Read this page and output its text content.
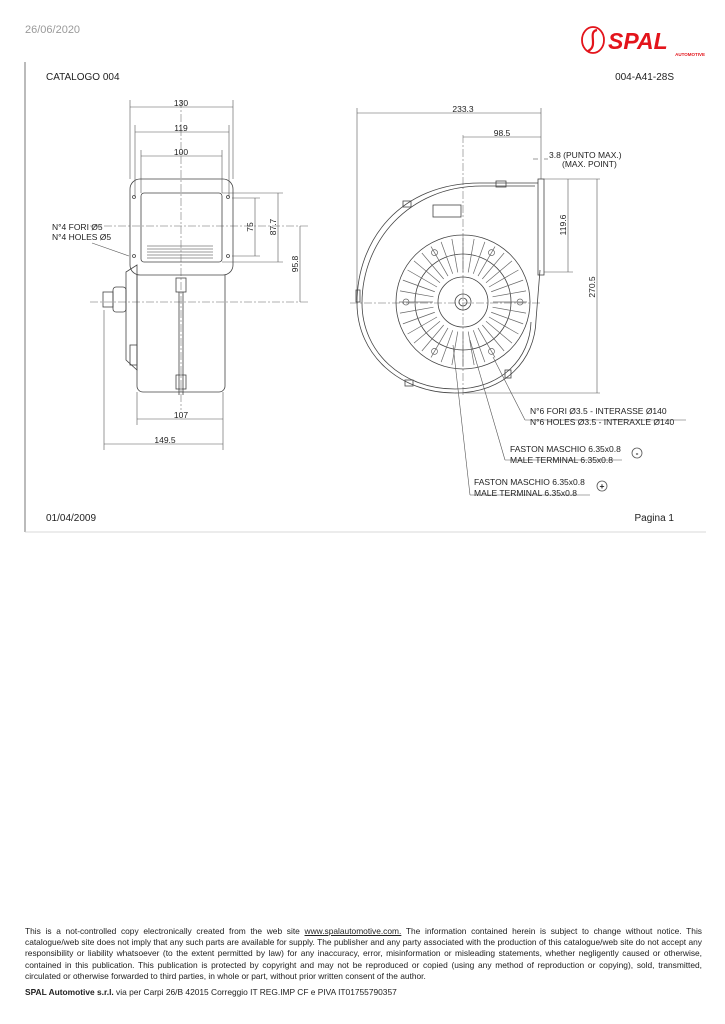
26/06/2020	SPAL
AUTOMOTIVE
CATALOGO 004	004-A41-28S
01/04/2009	Pagina 1
130
119
100
107
149.5
75 87.7
95.8
N°4 FORI Ø5
N°4 HOLES Ø5
233.3
98.5
3.8 (PUNTO MAX.)
(MAX. POINT)
119.6
270.5
N°6 FORI Ø3.5 - INTERASSE Ø140
N°6 HOLES Ø3.5 - INTERAXLE Ø140
FASTON MASCHIO 6.35x0.8
MALE TERMINAL 6.35x0.8
-
FASTON MASCHIO 6.35x0.8
MALE TERMINAL 6.35x0.8
+
This is a not-controlled copy electronically created from the web site www.spalautomotive.com. The information contained herein is subject to change without notice. This catalogue/web site does not imply that any such parts are available for supply. The publisher and any party associated with the production of this catalogue/web site do not accept any responsibility or liability whatsoever (to the extent permitted by law) for any inaccuracy, error, misinformation or misleading statements, whether negligently caused or otherwise, contained in this publication. This publication is protected by copyright and may not be reproduced or copied (using any method of reproduction or copying), sold, transmitted, circulated or otherwise forwarded to third parties, in whole or part, without prior written consent of the author.
SPAL Automotive s.r.l. via per Carpi 26/B 42015 Correggio IT REG.IMP CF e PIVA IT01755790357
